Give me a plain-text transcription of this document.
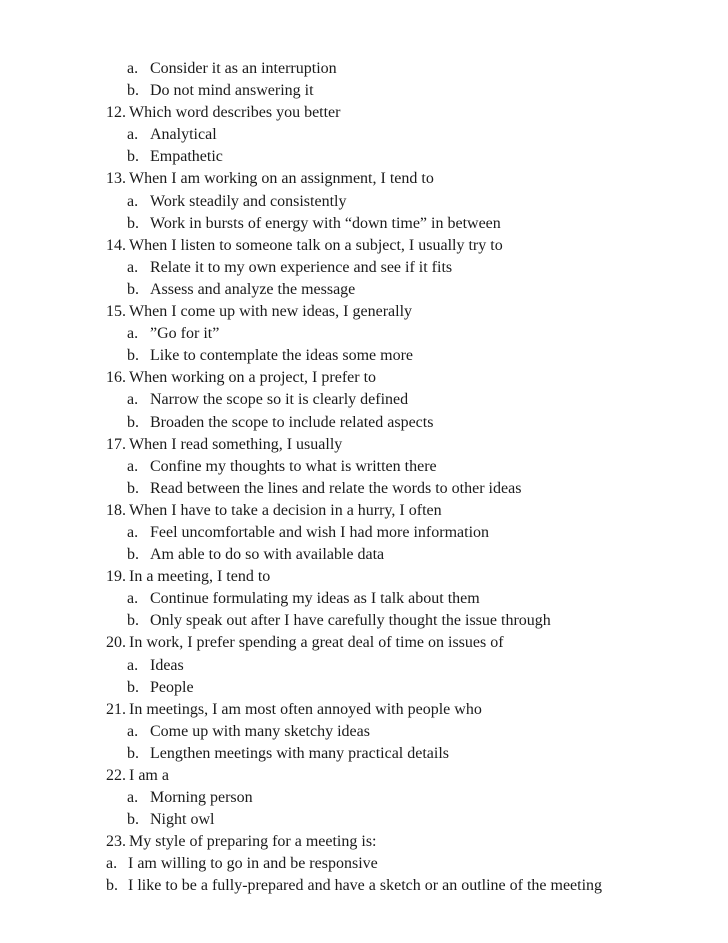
a. Consider it as an interruption
b. Do not mind answering it
12. Which word describes you better
a. Analytical
b. Empathetic
13. When I am working on an assignment, I tend to
a. Work steadily and consistently
b. Work in bursts of energy with “down time” in between
14. When I listen to someone talk on a subject, I usually try to
a. Relate it to my own experience and see if it fits
b. Assess and analyze the message
15. When I come up with new ideas, I generally
a. ”Go for it”
b. Like to contemplate the ideas some more
16. When working on a project, I prefer to
a. Narrow the scope so it is clearly defined
b. Broaden the scope to include related aspects
17. When I read something, I usually
a. Confine my thoughts to what is written there
b. Read between the lines and relate the words to other ideas
18. When I have to take a decision in a hurry, I often
a. Feel uncomfortable and wish I had more information
b. Am able to do so with available data
19. In a meeting, I tend to
a. Continue formulating my ideas as I talk about them
b. Only speak out after I have carefully thought the issue through
20. In work, I prefer spending a great deal of time on issues of
a. Ideas
b. People
21. In meetings, I am most often annoyed with people who
a. Come up with many sketchy ideas
b. Lengthen meetings with many practical details
22. I am a
a. Morning person
b. Night owl
23. My style of preparing for a meeting is:
a. I am willing to go in and be responsive
b. I like to be a fully-prepared and have a sketch or an outline of the meeting
